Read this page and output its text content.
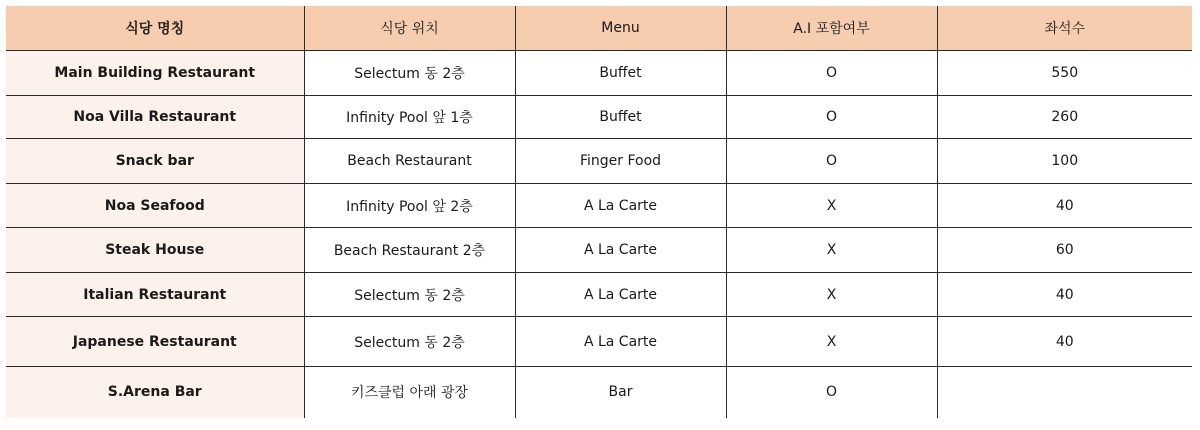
식당 명칭	식당 위치	Menu	A.I 포함여부	좌석수
Main Building Restaurant	Selectum 동 2층	Buffet	O	550
Noa Villa Restaurant	Infinity Pool 앞 1층	Buffet	O	260
Snack bar	Beach Restaurant	Finger Food	O	100
Noa Seafood	Infinity Pool 앞 2층	A La Carte	X	40
Steak House	Beach Restaurant 2층	A La Carte	X	60
Italian Restaurant	Selectum 동 2층	A La Carte	X	40
Japanese Restaurant	Selectum 동 2층	A La Carte	X	40
S.Arena Bar	키즈클럽 아래 광장	Bar	O	
